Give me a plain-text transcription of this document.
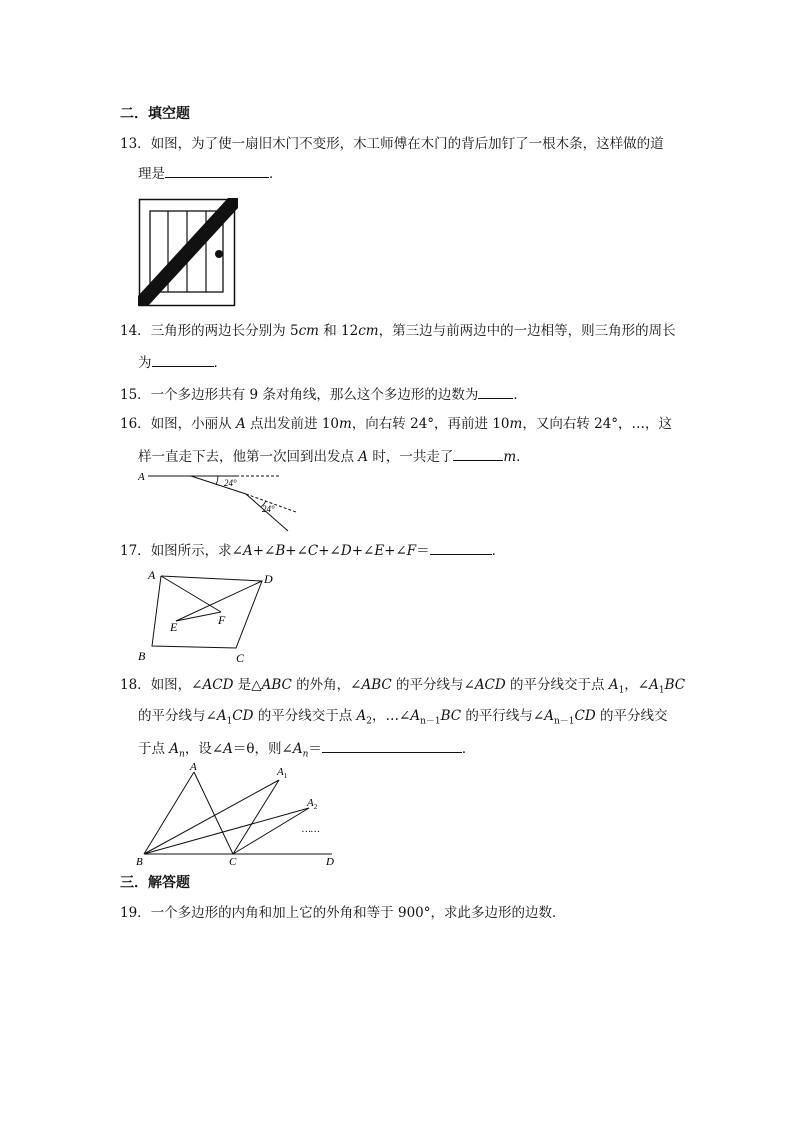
二．填空题
13．如图，为了使一扇旧木门不变形，木工师傅在木门的背后加钉了一根木条，这样做的道
理是	．
14．三角形的两边长分别为 5cm 和 12cm，第三边与前两边中的一边相等，则三角形的周长
为	．
15．一个多边形共有 9 条对角线，那么这个多边形的边数为	．
16．如图，小丽从 A 点出发前进 10m，向右转 24°，再前进 10m，又向右转 24°，…，这
样一直走下去，他第一次回到出发点 A 时，一共走了	m．
A	24°
24°
17．如图所示，求∠A+∠B+∠C+∠D+∠E+∠F＝	．
A	D
E	F
B	C
18．如图，∠ACD 是△ABC 的外角，∠ABC 的平分线与∠ACD 的平分线交于点 $A_1$，$\angle A_1BC$
的平分线与$\angle A_1CD$ 的平分线交于点 $A_2$，$\dots\angle A_{n-1}BC$ 的平行线与$\angle A_{n-1}CD$ 的平分线交
于点 $A_n$，设∠A＝θ，则$\angle A_n=$	．
A	$A_1$
$A_2$
……
B	C	D
三．解答题
19．一个多边形的内角和加上它的外角和等于 900°，求此多边形的边数．
